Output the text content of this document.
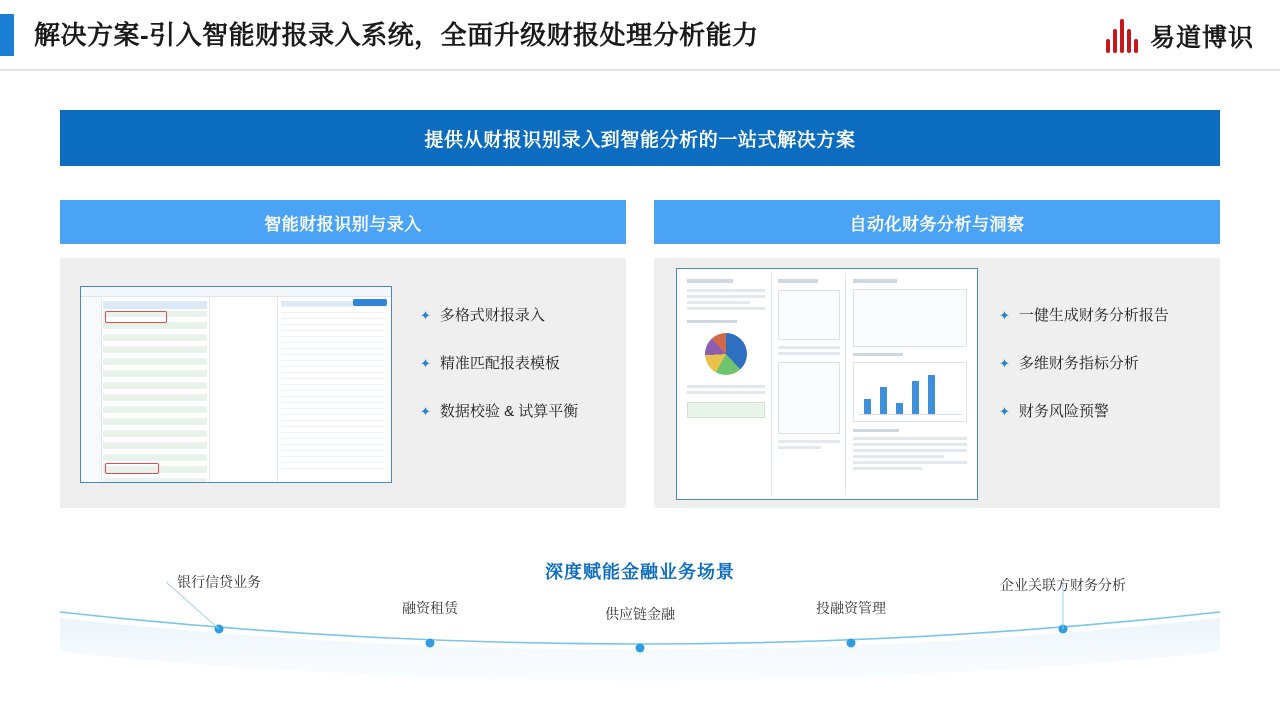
解决方案-引入智能财报录入系统，全面升级财报处理分析能力	易道博识
提供从财报识别录入到智能分析的一站式解决方案
智能财报识别与录入
✦ 多格式财报录入
✦ 精准匹配报表模板
✦ 数据校验 & 试算平衡
自动化财务分析与洞察
✦ 一健生成财务分析报告
✦ 多维财务指标分析
✦ 财务风险预警
深度赋能金融业务场景
银行信贷业务
融资租赁	供应链金融	投融资管理
企业关联方财务分析
